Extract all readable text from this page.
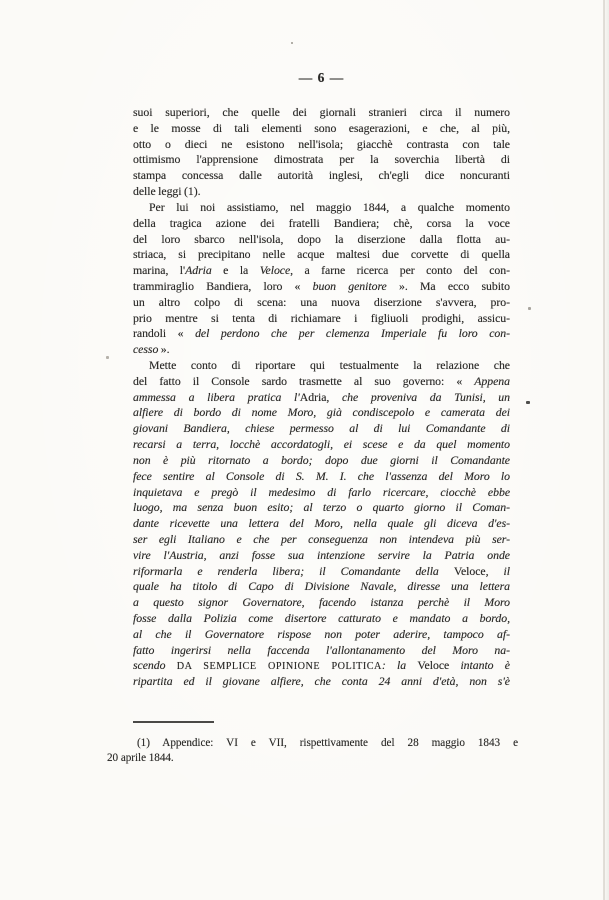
— 6 —
suoi superiori, che quelle dei giornali stranieri circa il numero
e le mosse di tali elementi sono esagerazioni, e che, al più,
otto o dieci ne esistono nell'isola; giacchè contrasta con tale
ottimismo l'apprensione dimostrata per la soverchia libertà di
stampa concessa dalle autorità inglesi, ch'egli dice noncuranti
delle leggi (1).
Per lui noi assistiamo, nel maggio 1844, a qualche momento
della tragica azione dei fratelli Bandiera; chè, corsa la voce
del loro sbarco nell'isola, dopo la diserzione dalla flotta au-
striaca, si precipitano nelle acque maltesi due corvette di quella
marina, l'Adria e la Veloce, a farne ricerca per conto del con-
trammiraglio Bandiera, loro « buon genitore ». Ma ecco subito
un altro colpo di scena: una nuova diserzione s'avvera, pro-
prio mentre si tenta di richiamare i figliuoli prodighi, assicu-
randoli « del perdono che per clemenza Imperiale fu loro con-
cesso ».
Mette conto di riportare qui testualmente la relazione che
del fatto il Console sardo trasmette al suo governo: « Appena
ammessa a libera pratica l'Adria, che proveniva da Tunisi, un
alfiere di bordo di nome Moro, già condiscepolo e camerata dei
giovani Bandiera, chiese permesso al di lui Comandante di
recarsi a terra, locchè accordatogli, ei scese e da quel momento
non è più ritornato a bordo; dopo due giorni il Comandante
fece sentire al Console di S. M. I. che l'assenza del Moro lo
inquietava e pregò il medesimo di farlo ricercare, ciocchè ebbe
luogo, ma senza buon esito; al terzo o quarto giorno il Coman-
dante ricevette una lettera del Moro, nella quale gli diceva d'es-
ser egli Italiano e che per conseguenza non intendeva più ser-
vire l'Austria, anzi fosse sua intenzione servire la Patria onde
riformarla e renderla libera; il Comandante della Veloce, il
quale ha titolo di Capo di Divisione Navale, diresse una lettera
a questo signor Governatore, facendo istanza perchè il Moro
fosse dalla Polizia come disertore catturato e mandato a bordo,
al che il Governatore rispose non poter aderire, tampoco af-
fatto ingerirsi nella faccenda l'allontanamento del Moro na-
scendo DA SEMPLICE OPINIONE POLITICA: la Veloce intanto è
ripartita ed il giovane alfiere, che conta 24 anni d'età, non s'è
(1) Appendice: VI e VII, rispettivamente del 28 maggio 1843 e
20 aprile 1844.
